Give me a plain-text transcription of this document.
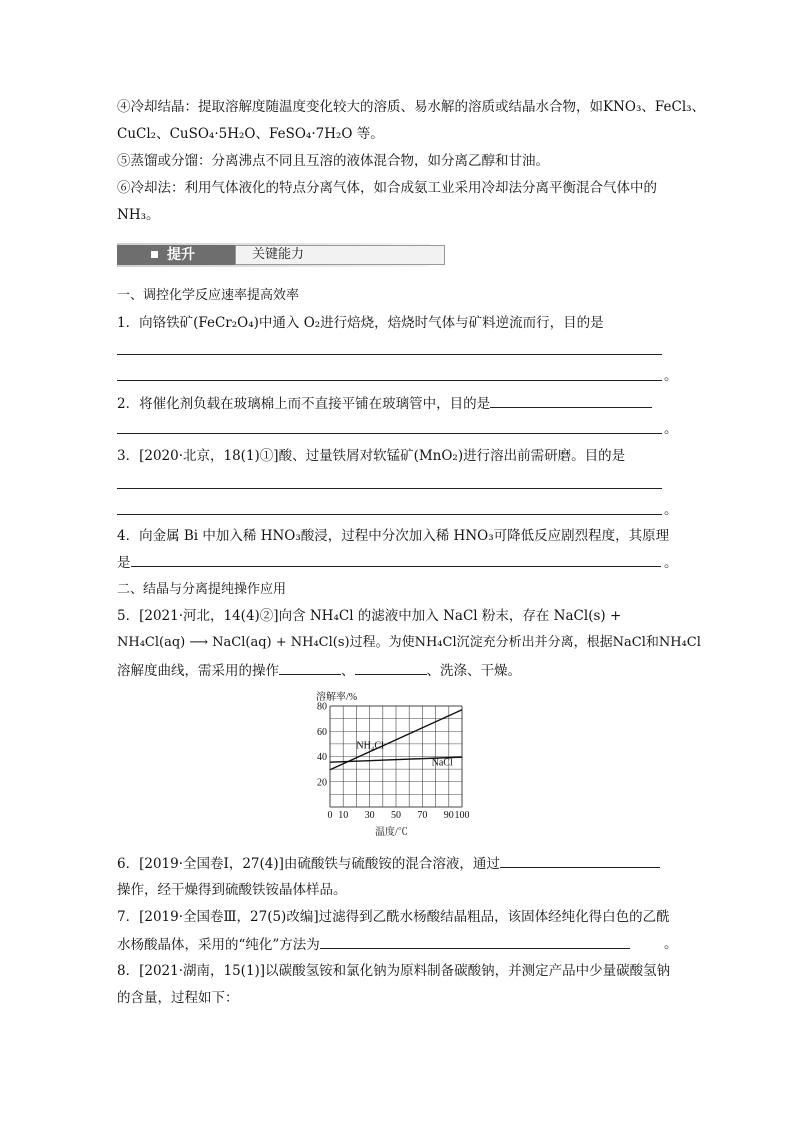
④冷却结晶：提取溶解度随温度变化较大的溶质、易水解的溶质或结晶水合物，如KNO₃、FeCl₃、
CuCl₂、CuSO₄·5H₂O、FeSO₄·7H₂O 等。
⑤蒸馏或分馏：分离沸点不同且互溶的液体混合物，如分离乙醇和甘油。
⑥冷却法：利用气体液化的特点分离气体，如合成氨工业采用冷却法分离平衡混合气体中的
NH₃。
提升	关键能力
一、调控化学反应速率提高效率
1．向铬铁矿(FeCr₂O₄)中通入 O₂进行焙烧，焙烧时气体与矿料逆流而行，目的是
。
2．将催化剂负载在玻璃棉上而不直接平铺在玻璃管中，目的是
。
3．[2020·北京，18(1)①]酸、过量铁屑对软锰矿(MnO₂)进行溶出前需研磨。目的是
。
4．向金属 Bi 中加入稀 HNO₃酸浸，过程中分次加入稀 HNO₃可降低反应剧烈程度，其原理
是	。
二、结晶与分离提纯操作应用
5．[2021·河北，14(4)②]向含 NH₄Cl 的滤液中加入 NaCl 粉末，存在 NaCl(s) +
NH₄Cl(aq) ⟶ NaCl(aq) + NH₄Cl(s)过程。为使NH₄Cl沉淀充分析出并分离，根据NaCl和NH₄Cl
溶解度曲线，需采用的操作	、	、洗涤、干燥。
溶解率/%
20
40
60
80
0 10 30 50 70 90 100
NH₄Cl
NaCl
温度/℃
6．[2019·全国卷Ⅰ，27(4)]由硫酸铁与硫酸铵的混合溶液，通过
操作，经干燥得到硫酸铁铵晶体样品。
7．[2019·全国卷Ⅲ，27(5)改编]过滤得到乙酰水杨酸结晶粗品，该固体经纯化得白色的乙酰
水杨酸晶体，采用的“纯化”方法为	。
8．[2021·湖南，15(1)]以碳酸氢铵和氯化钠为原料制备碳酸钠，并测定产品中少量碳酸氢钠
的含量，过程如下：
